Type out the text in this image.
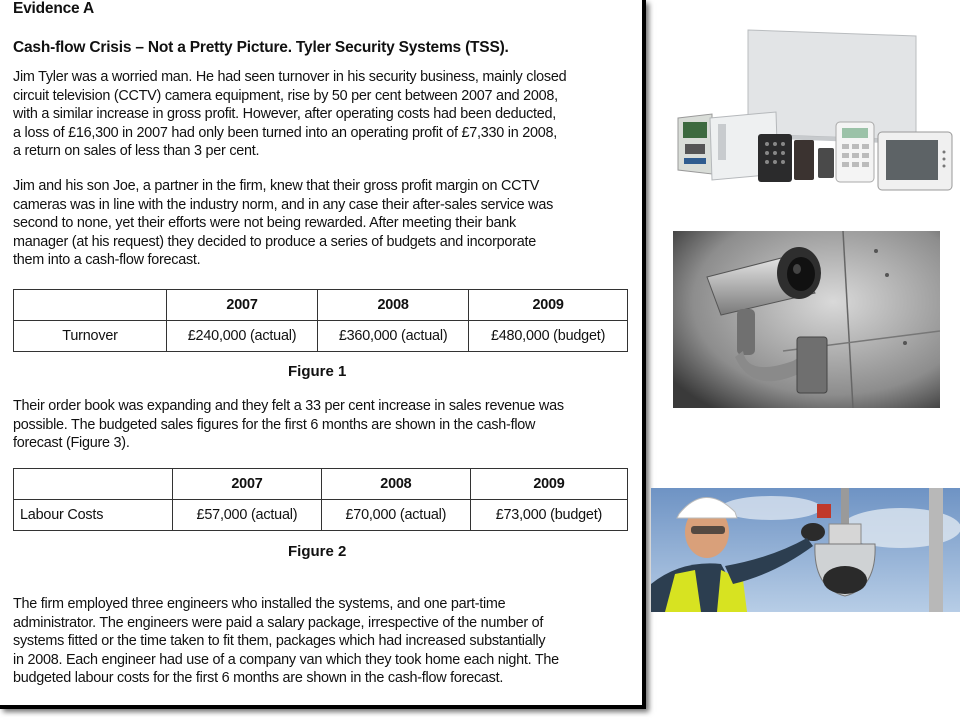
Evidence A

Cash-flow Crisis – Not a Pretty Picture. Tyler Security Systems (TSS).

Jim Tyler was a worried man. He had seen turnover in his security business, mainly closed
circuit television (CCTV) camera equipment, rise by 50 per cent between 2007 and 2008,
with a similar increase in gross profit. However, after operating costs had been deducted,
a loss of £16,300 in 2007 had only been turned into an operating profit of £7,330 in 2008,
a return on sales of less than 3 per cent.
Jim and his son Joe, a partner in the firm, knew that their gross profit margin on CCTV
cameras was in line with the industry norm, and in any case their after-sales service was
second to none, yet their efforts were not being rewarded. After meeting their bank
manager (at his request) they decided to produce a series of budgets and incorporate
them into a cash-flow forecast.
	2007	2008	2009
Turnover	£240,000 (actual)	£360,000 (actual)	£480,000 (budget)
Figure 1
Their order book was expanding and they felt a 33 per cent increase in sales revenue was
possible. The budgeted sales figures for the first 6 months are shown in the cash-flow
forecast (Figure 3).
	2007	2008	2009
Labour Costs	£57,000 (actual)	£70,000 (actual)	£73,000 (budget)
Figure 2
The firm employed three engineers who installed the systems, and one part-time
administrator. The engineers were paid a salary package, irrespective of the number of
systems fitted or the time taken to fit them, packages which had increased substantially
in 2008. Each engineer had use of a company van which they took home each night. The
budgeted labour costs for the first 6 months are shown in the cash-flow forecast.
